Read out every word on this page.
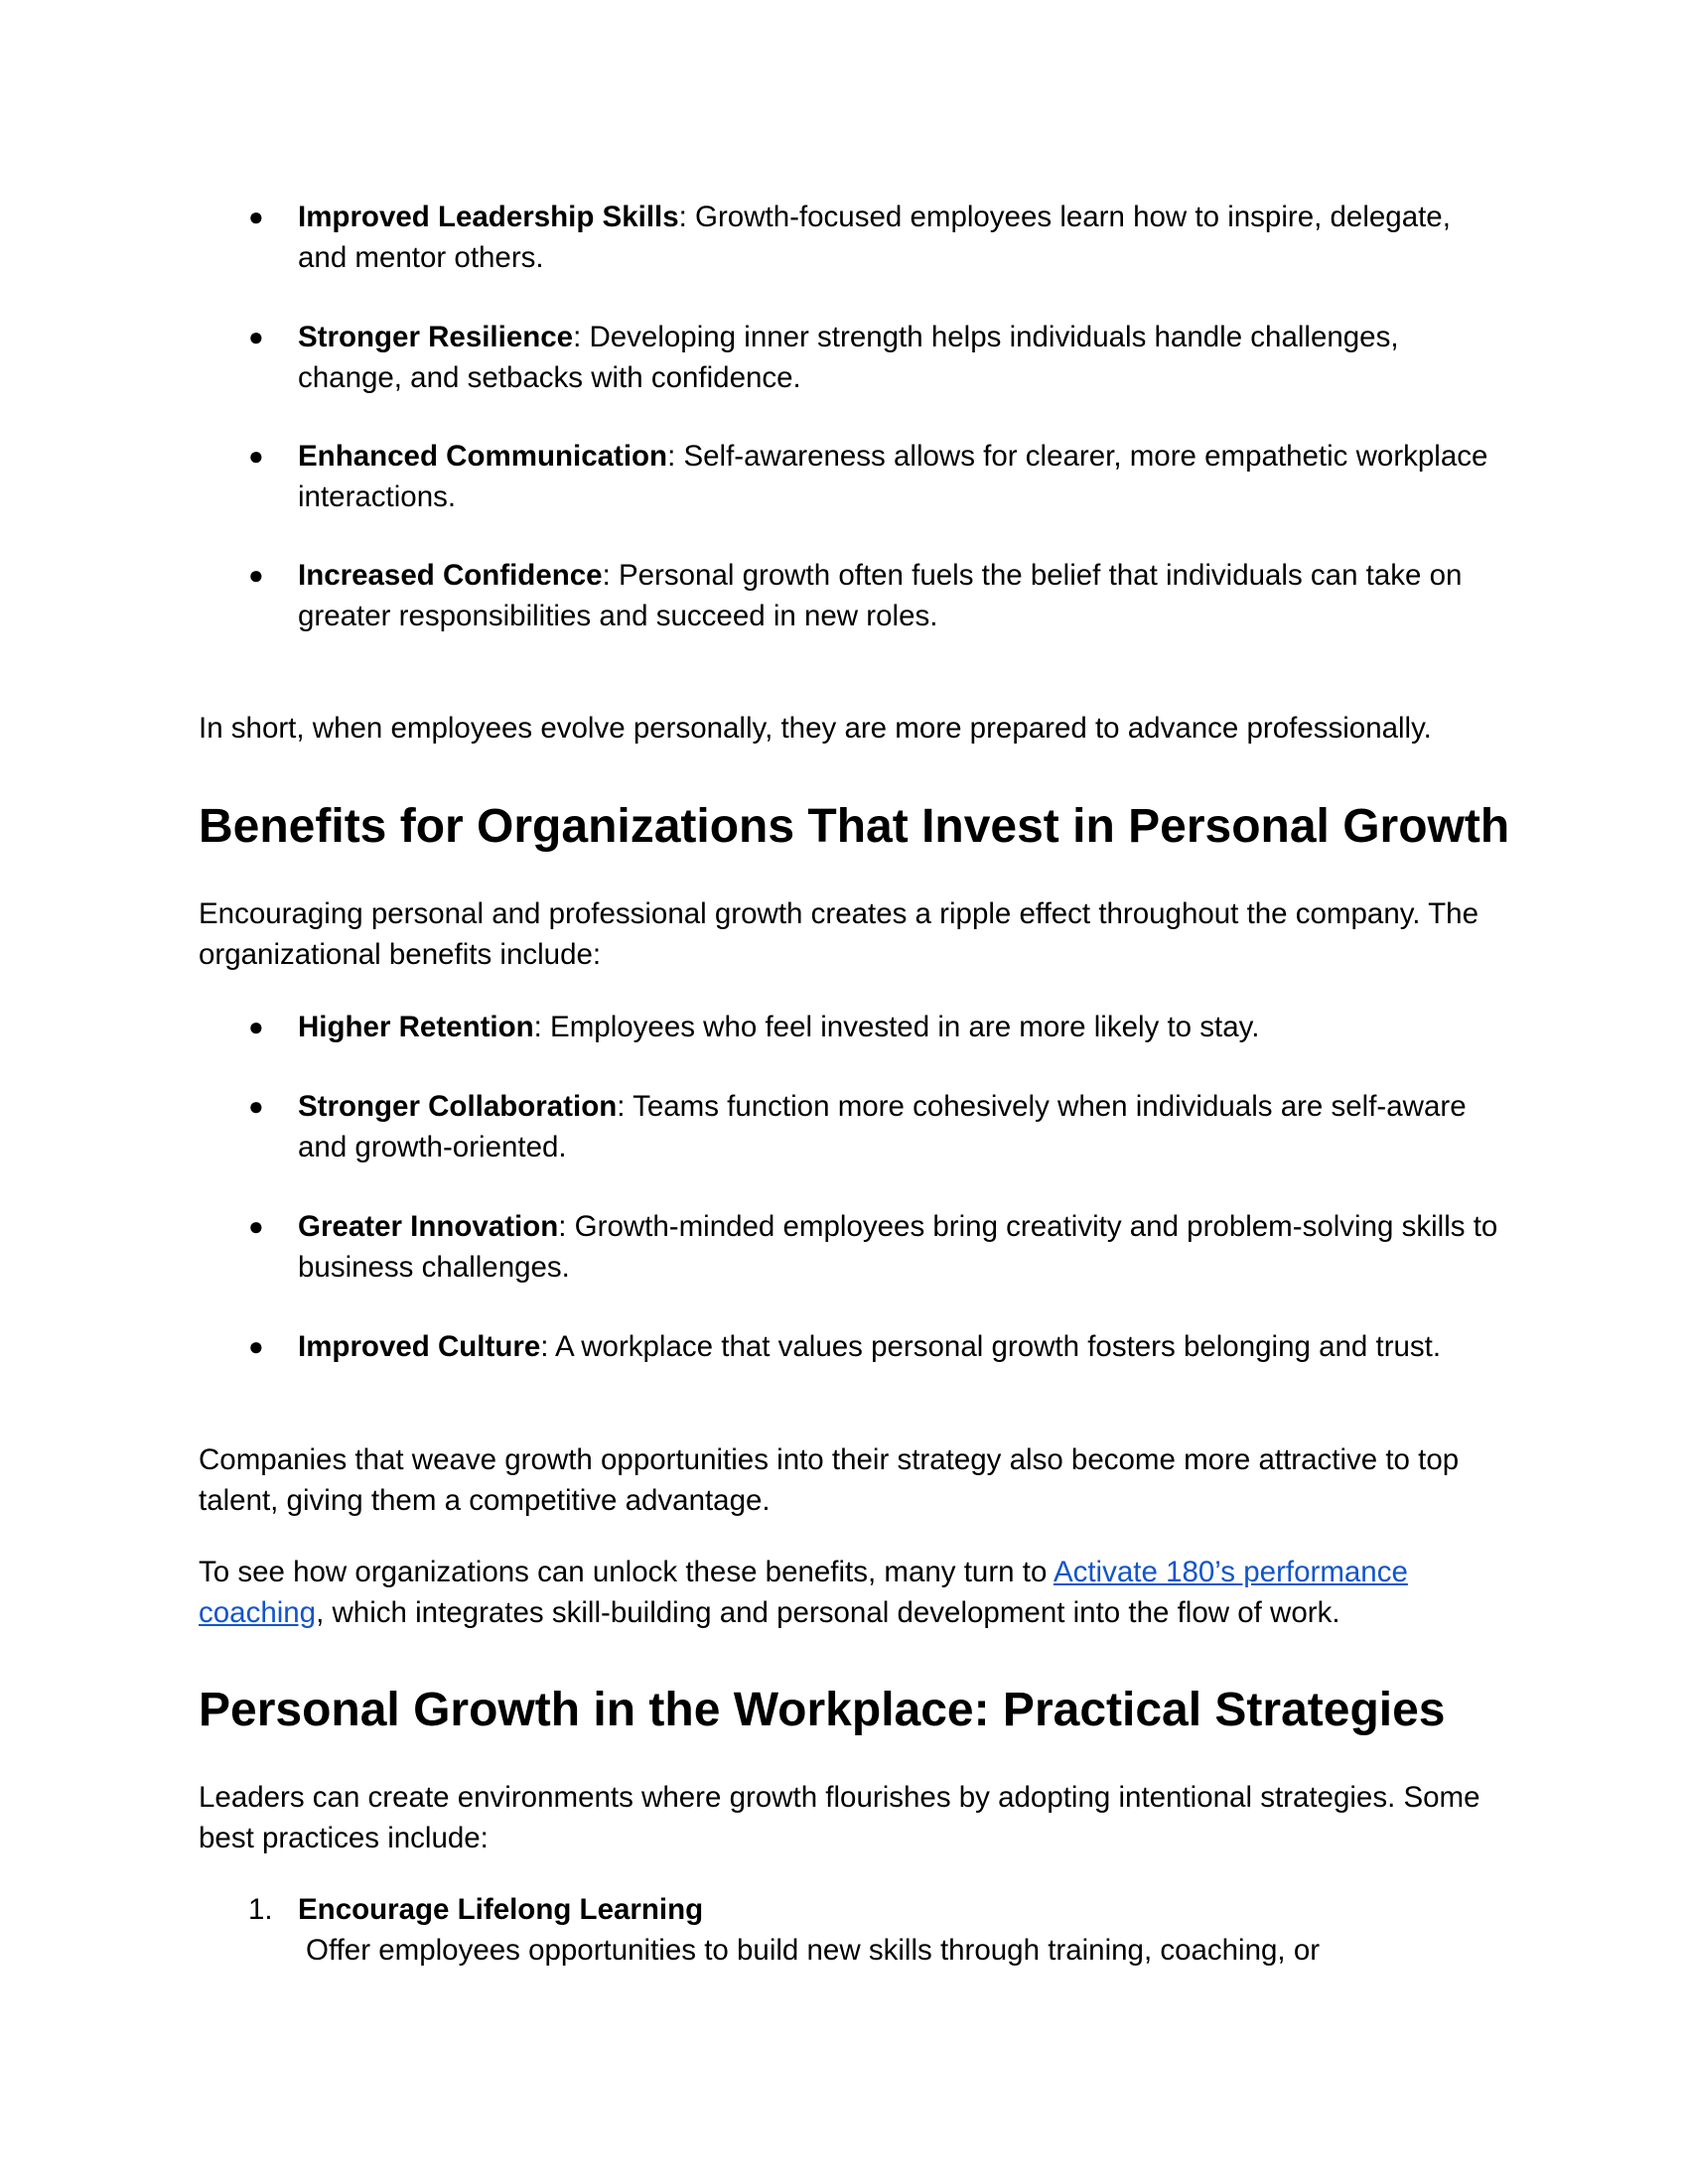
●	Improved Leadership Skills: Growth-focused employees learn how to inspire, delegate, and mentor others.
●	Stronger Resilience: Developing inner strength helps individuals handle challenges, change, and setbacks with confidence.
●	Enhanced Communication: Self-awareness allows for clearer, more empathetic workplace interactions.
●	Increased Confidence: Personal growth often fuels the belief that individuals can take on greater responsibilities and succeed in new roles.

In short, when employees evolve personally, they are more prepared to advance professionally.

Benefits for Organizations That Invest in Personal Growth

Encouraging personal and professional growth creates a ripple effect throughout the company. The organizational benefits include:

●	Higher Retention: Employees who feel invested in are more likely to stay.
●	Stronger Collaboration: Teams function more cohesively when individuals are self-aware and growth-oriented.
●	Greater Innovation: Growth-minded employees bring creativity and problem-solving skills to business challenges.
●	Improved Culture: A workplace that values personal growth fosters belonging and trust.

Companies that weave growth opportunities into their strategy also become more attractive to top talent, giving them a competitive advantage.

To see how organizations can unlock these benefits, many turn to Activate 180’s performance coaching, which integrates skill-building and personal development into the flow of work.

Personal Growth in the Workplace: Practical Strategies

Leaders can create environments where growth flourishes by adopting intentional strategies. Some best practices include:

1. Encourage Lifelong Learning
Offer employees opportunities to build new skills through training, coaching, or
